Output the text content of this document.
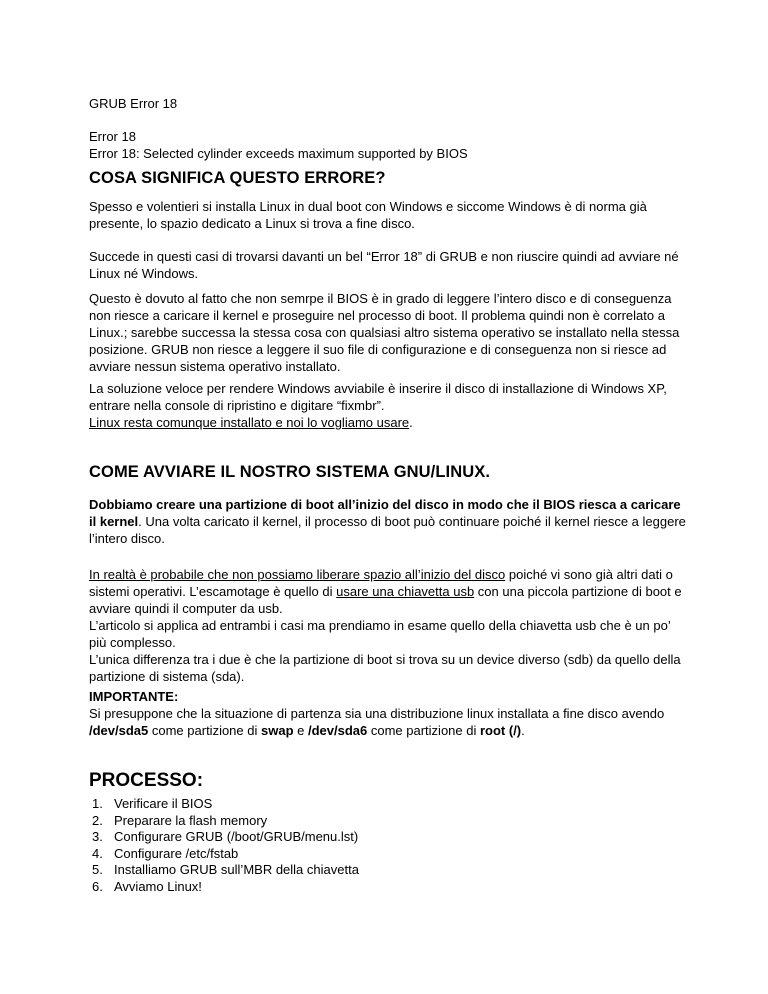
GRUB Error 18
Error 18
Error 18: Selected cylinder exceeds maximum supported by BIOS
COSA SIGNIFICA QUESTO ERRORE?
Spesso e volentieri si installa Linux in dual boot con Windows e siccome Windows è di norma già presente, lo spazio dedicato a Linux si trova a fine disco.
Succede in questi casi di trovarsi davanti un bel “Error 18” di GRUB e non riuscire quindi ad avviare né Linux né Windows.
Questo è dovuto al fatto che non semrpe il BIOS è in grado di leggere l’intero disco e di conseguenza non riesce a caricare il kernel e proseguire nel processo di boot. Il problema quindi non è correlato a Linux.; sarebbe successa la stessa cosa con qualsiasi altro sistema operativo se installato nella stessa posizione. GRUB non riesce a leggere il suo file di configurazione e di conseguenza non si riesce ad avviare nessun sistema operativo installato.
La soluzione veloce per rendere Windows avviabile è inserire il disco di installazione di Windows XP, entrare nella console di ripristino e digitare “fixmbr”.
Linux resta comunque installato e noi lo vogliamo usare.
COME AVVIARE IL NOSTRO SISTEMA GNU/LINUX.
Dobbiamo creare una partizione di boot all’inizio del disco in modo che il BIOS riesca a caricare il kernel. Una volta caricato il kernel, il processo di boot può continuare poiché il kernel riesce a leggere l’intero disco.
In realtà è probabile che non possiamo liberare spazio all’inizio del disco poiché vi sono già altri dati o sistemi operativi. L’escamotage è quello di usare una chiavetta usb con una piccola partizione di boot e avviare quindi il computer da usb.
L’articolo si applica ad entrambi i casi ma prendiamo in esame quello della chiavetta usb che è un po’ più complesso.
L’unica differenza tra i due è che la partizione di boot si trova su un device diverso (sdb) da quello della partizione di sistema (sda).
IMPORTANTE:
Si presuppone che la situazione di partenza sia una distribuzione linux installata a fine disco avendo /dev/sda5 come partizione di swap e /dev/sda6 come partizione di root (/).
PROCESSO:
1. Verificare il BIOS
2. Preparare la flash memory
3. Configurare GRUB (/boot/GRUB/menu.lst)
4. Configurare /etc/fstab
5. Installiamo GRUB sull’MBR della chiavetta
6. Avviamo Linux!
